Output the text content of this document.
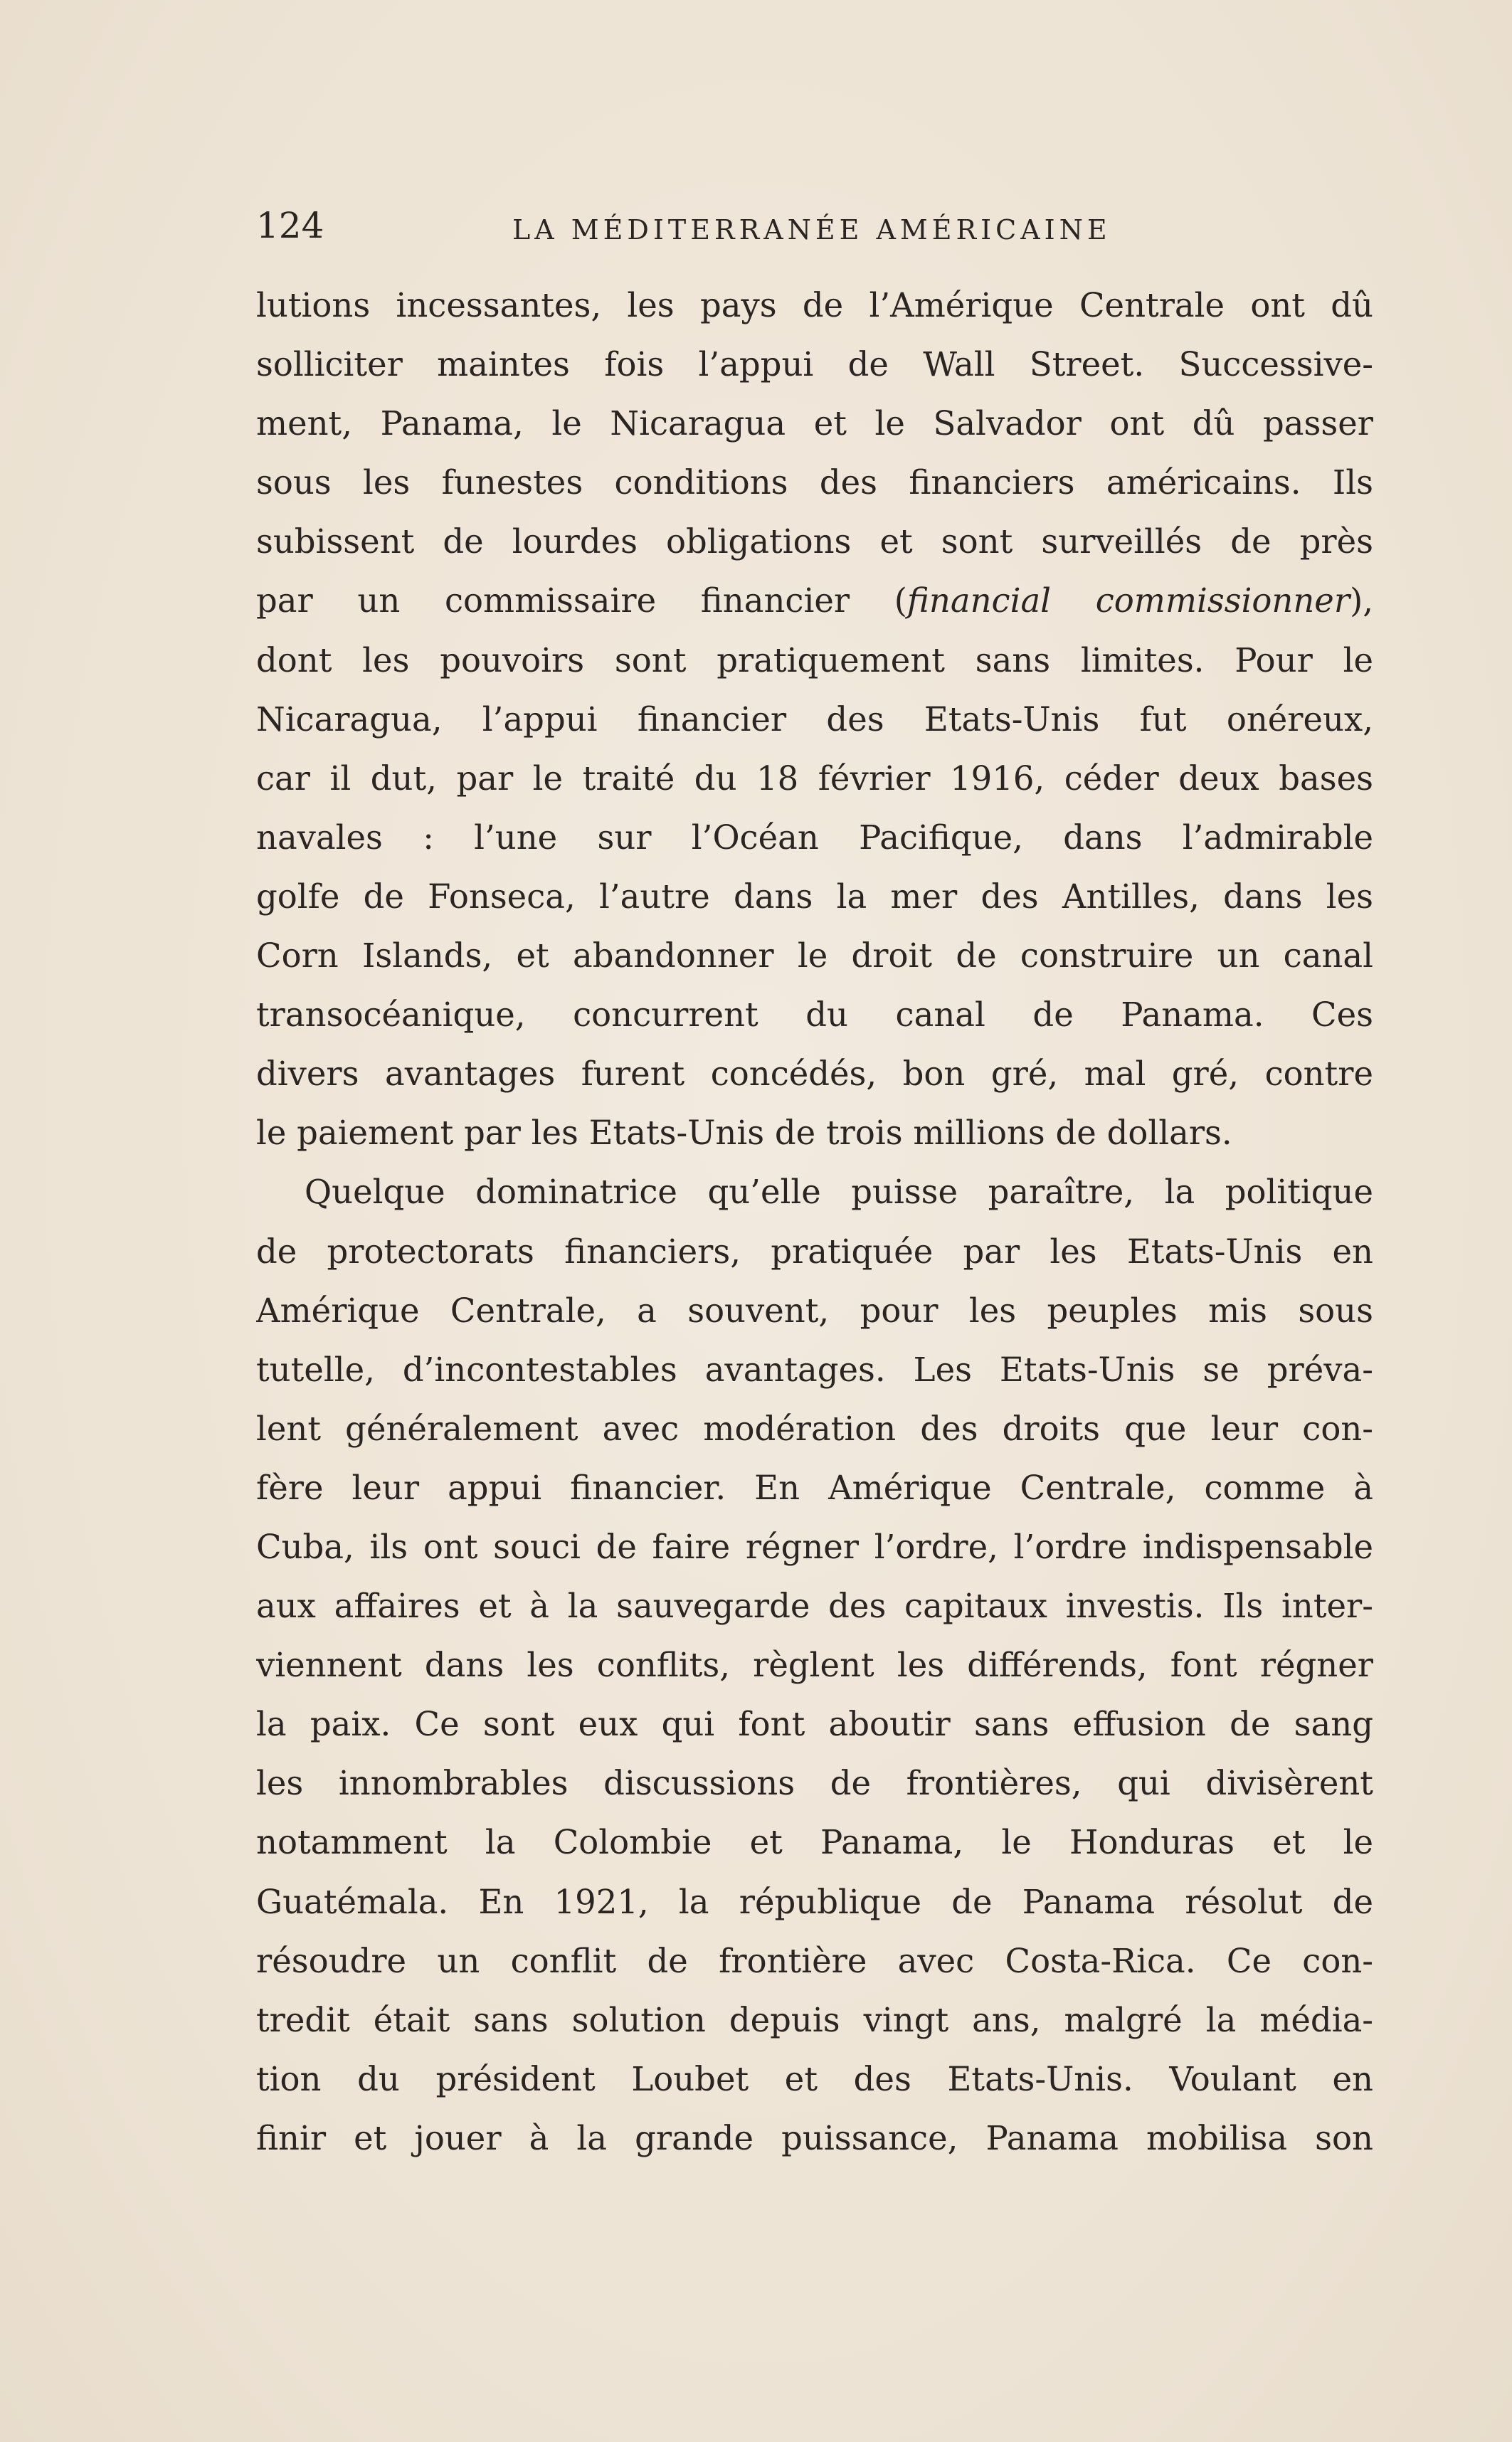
124	LA MÉDITERRANÉE AMÉRICAINE
lutions incessantes, les pays de l’Amérique Centrale ont dû
solliciter maintes fois l’appui de Wall Street. Successive-
ment, Panama, le Nicaragua et le Salvador ont dû passer
sous les funestes conditions des financiers américains. Ils
subissent de lourdes obligations et sont surveillés de près
par un commissaire financier (financial commissionner),
dont les pouvoirs sont pratiquement sans limites. Pour le
Nicaragua, l’appui financier des Etats-Unis fut onéreux,
car il dut, par le traité du 18 février 1916, céder deux bases
navales : l’une sur l’Océan Pacifique, dans l’admirable
golfe de Fonseca, l’autre dans la mer des Antilles, dans les
Corn Islands, et abandonner le droit de construire un canal
transocéanique, concurrent du canal de Panama. Ces
divers avantages furent concédés, bon gré, mal gré, contre
le paiement par les Etats-Unis de trois millions de dollars.
Quelque dominatrice qu’elle puisse paraître, la politique
de protectorats financiers, pratiquée par les Etats-Unis en
Amérique Centrale, a souvent, pour les peuples mis sous
tutelle, d’incontestables avantages. Les Etats-Unis se préva-
lent généralement avec modération des droits que leur con-
fère leur appui financier. En Amérique Centrale, comme à
Cuba, ils ont souci de faire régner l’ordre, l’ordre indispensable
aux affaires et à la sauvegarde des capitaux investis. Ils inter-
viennent dans les conflits, règlent les différends, font régner
la paix. Ce sont eux qui font aboutir sans effusion de sang
les innombrables discussions de frontières, qui divisèrent
notamment la Colombie et Panama, le Honduras et le
Guatémala. En 1921, la république de Panama résolut de
résoudre un conflit de frontière avec Costa-Rica. Ce con-
tredit était sans solution depuis vingt ans, malgré la média-
tion du président Loubet et des Etats-Unis. Voulant en
finir et jouer à la grande puissance, Panama mobilisa son
